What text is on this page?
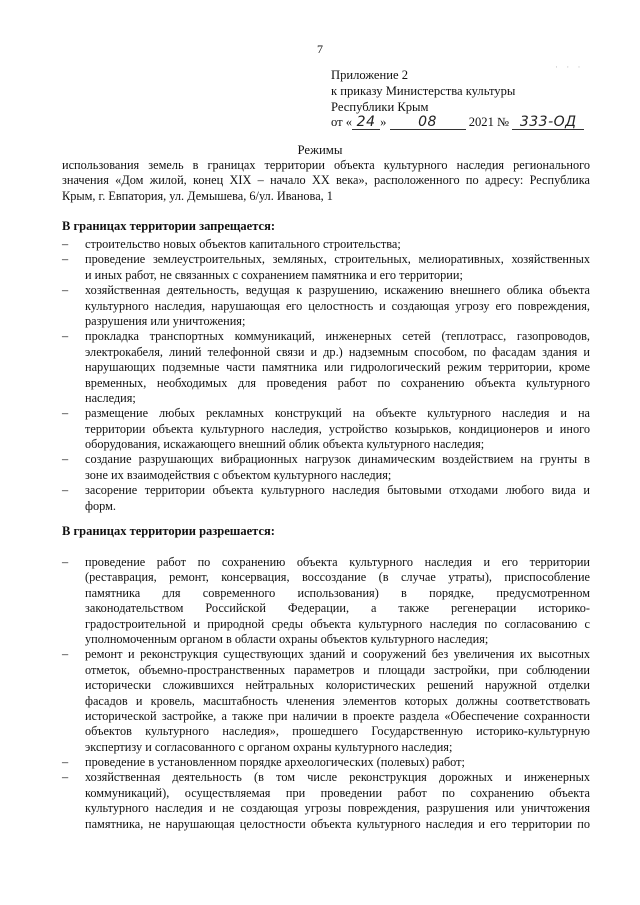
7
· · ·
Приложение 2
к приказу Министерства культуры
Республики Крым
от « 24 » 08 2021 № 333-ОД
Режимы
использования земель в границах территории объекта культурного наследия регионального
значения «Дом жилой, конец XIX – начало XX века», расположенного по адресу: Республика
Крым, г. Евпатория, ул. Демышева, 6/ул. Иванова, 1
В границах территории запрещается:
– строительство новых объектов капитального строительства;
– проведение землеустроительных, земляных, строительных, мелиоративных, хозяйственных
и иных работ, не связанных с сохранением памятника и его территории;
– хозяйственная деятельность, ведущая к разрушению, искажению внешнего облика объекта
культурного наследия, нарушающая его целостность и создающая угрозу его повреждения,
разрушения или уничтожения;
– прокладка транспортных коммуникаций, инженерных сетей (теплотрасс, газопроводов,
электрокабеля, линий телефонной связи и др.) надземным способом, по фасадам здания и
нарушающих подземные части памятника или гидрологический режим территории, кроме
временных, необходимых для проведения работ по сохранению объекта культурного
наследия;
– размещение любых рекламных конструкций на объекте культурного наследия и на
территории объекта культурного наследия, устройство козырьков, кондиционеров и иного
оборудования, искажающего внешний облик объекта культурного наследия;
– создание разрушающих вибрационных нагрузок динамическим воздействием на грунты в
зоне их взаимодействия с объектом культурного наследия;
– засорение территории объекта культурного наследия бытовыми отходами любого вида и
форм.
В границах территории разрешается:
– проведение работ по сохранению объекта культурного наследия и его территории
(реставрация, ремонт, консервация, воссоздание (в случае утраты), приспособление
памятника для современного использования) в порядке, предусмотренном
законодательством Российской Федерации, а также регенерации историко-
градостроительной и природной среды объекта культурного наследия по согласованию с
уполномоченным органом в области охраны объектов культурного наследия;
– ремонт и реконструкция существующих зданий и сооружений без увеличения их высотных
отметок, объемно-пространственных параметров и площади застройки, при соблюдении
исторически сложившихся нейтральных колористических решений наружной отделки
фасадов и кровель, масштабность членения элементов которых должны соответствовать
исторической застройке, а также при наличии в проекте раздела «Обеспечение сохранности
объектов культурного наследия», прошедшего Государственную историко-культурную
экспертизу и согласованного с органом охраны культурного наследия;
– проведение в установленном порядке археологических (полевых) работ;
– хозяйственная деятельность (в том числе реконструкция дорожных и инженерных
коммуникаций), осуществляемая при проведении работ по сохранению объекта
культурного наследия и не создающая угрозы повреждения, разрушения или уничтожения
памятника, не нарушающая целостности объекта культурного наследия и его территории по
